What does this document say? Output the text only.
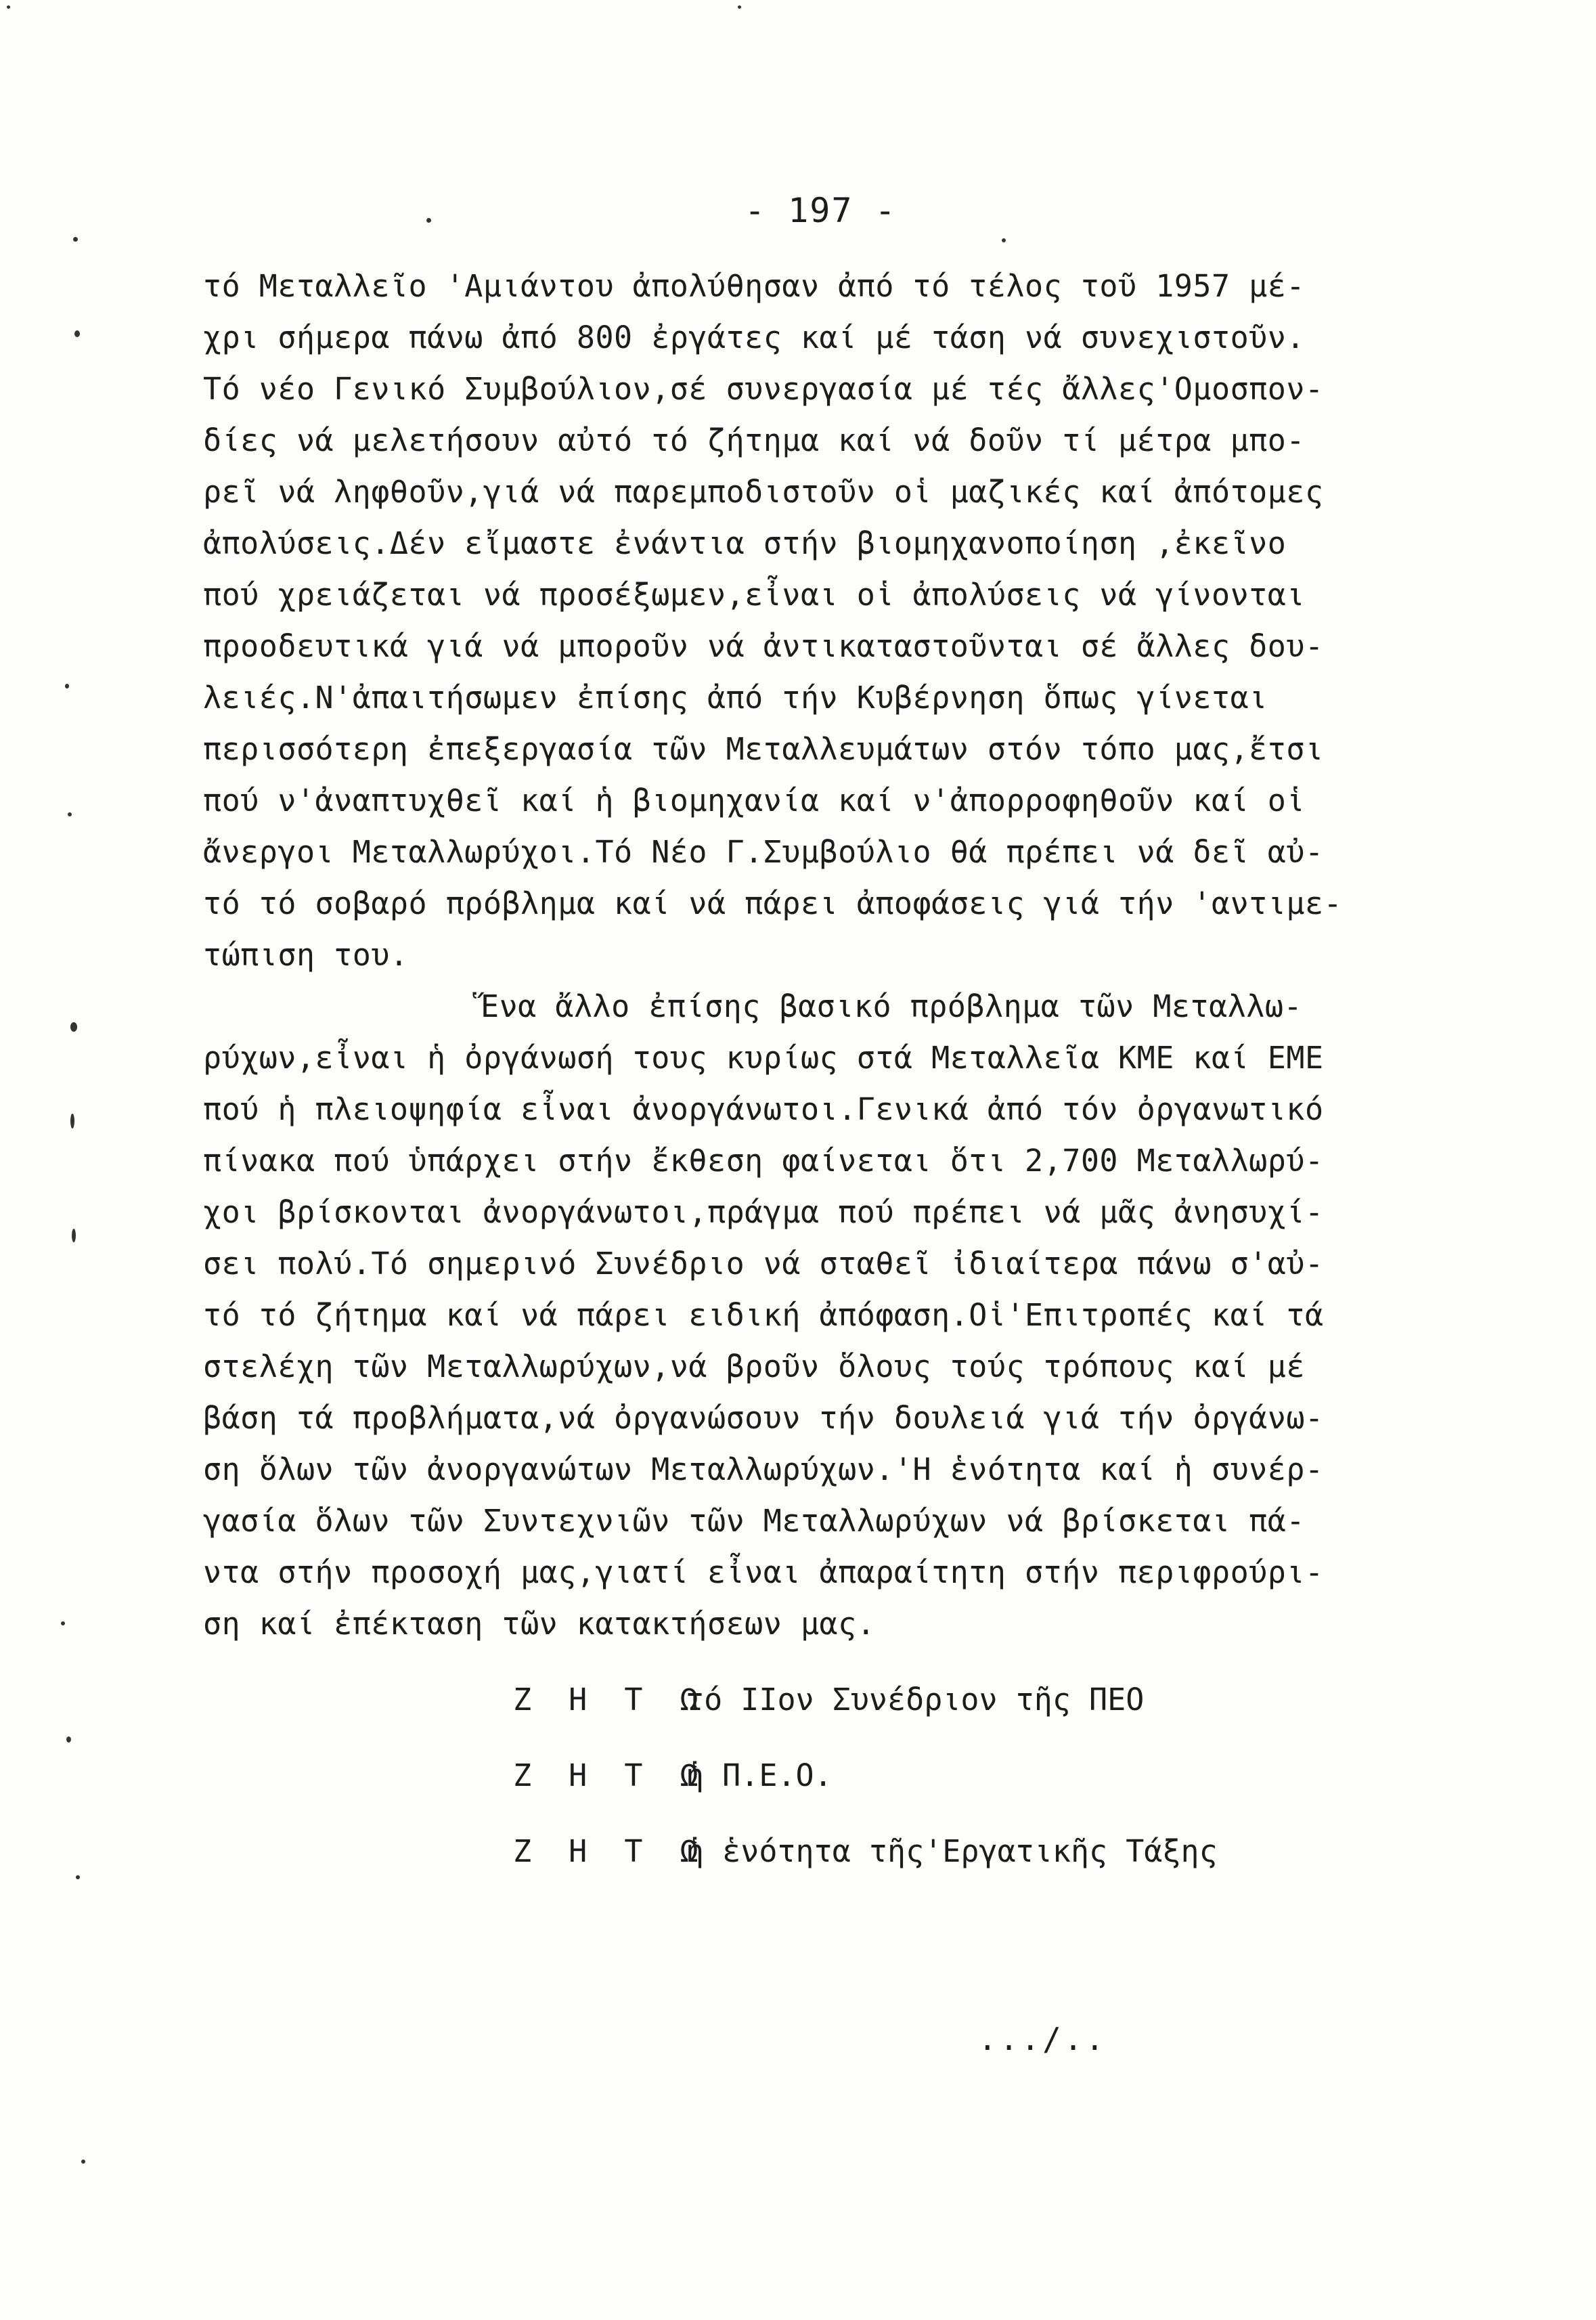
- 197 -
τό Μεταλλεῖο 'Αμιάντου ἀπολύθησαν ἀπό τό τέλος τοῦ 1957 μέ-
χρι σήμερα πάνω ἀπό 800 ἐργάτες καί μέ τάση νά συνεχιστοῦν.
Τό νέο Γενικό Συμβούλιον,σέ συνεργασία μέ τές ἄλλες'Ομοσπον-
δίες νά μελετήσουν αὐτό τό ζήτημα καί νά δοῦν τί μέτρα μπο-
ρεῖ νά ληφθοῦν,γιά νά παρεμποδιστοῦν οἱ μαζικές καί ἀπότομες
ἀπολύσεις.Δέν εἴμαστε ἐνάντια στήν βιομηχανοποίηση ,ἐκεῖνο
πού χρειάζεται νά προσέξωμεν,εἶναι οἱ ἀπολύσεις νά γίνονται
προοδευτικά γιά νά μποροῦν νά ἀντικαταστοῦνται σέ ἄλλες δου-
λειές.Ν'ἀπαιτήσωμεν ἐπίσης ἀπό τήν Κυβέρνηση ὅπως γίνεται
περισσότερη ἐπεξεργασία τῶν Μεταλλευμάτων στόν τόπο μας,ἔτσι
πού ν'ἀναπτυχθεῖ καί ἡ βιομηχανία καί ν'ἀπορροφηθοῦν καί οἱ
ἄνεργοι Μεταλλωρύχοι.Τό Νέο Γ.Συμβούλιο θά πρέπει νά δεῖ αὐ-
τό τό σοβαρό πρόβλημα καί νά πάρει ἀποφάσεις γιά τήν 'αντιμε-
τώπιση του.
Ἕνα ἄλλο ἐπίσης βασικό πρόβλημα τῶν Μεταλλω-
ρύχων,εἶναι ἡ ὀργάνωσή τους κυρίως στά Μεταλλεῖα ΚΜΕ καί ΕΜΕ
πού ἡ πλειοψηφία εἶναι ἀνοργάνωτοι.Γενικά ἀπό τόν ὀργανωτικό
πίνακα πού ὑπάρχει στήν ἔκθεση φαίνεται ὅτι 2,700 Μεταλλωρύ-
χοι βρίσκονται ἀνοργάνωτοι,πράγμα πού πρέπει νά μᾶς ἀνησυχί-
σει πολύ.Τό σημερινό Συνέδριο νά σταθεῖ ἰδιαίτερα πάνω σ'αὐ-
τό τό ζήτημα καί νά πάρει ειδική ἀπόφαση.Οἱ'Επιτροπές καί τά
στελέχη τῶν Μεταλλωρύχων,νά βροῦν ὅλους τούς τρόπους καί μέ
βάση τά προβλήματα,νά ὀργανώσουν τήν δουλειά γιά τήν ὀργάνω-
ση ὅλων τῶν ἀνοργανώτων Μεταλλωρύχων.'Η ἑνότητα καί ἡ συνέρ-
γασία ὅλων τῶν Συντεχνιῶν τῶν Μεταλλωρύχων νά βρίσκεται πά-
ντα στήν προσοχή μας,γιατί εἶναι ἀπαραίτητη στήν περιφρούρι-
ση καί ἐπέκταση τῶν κατακτήσεων μας.
Ζ Η Τ Ωτό ΙΙον Συνέδριον τῆς ΠΕΟ
Ζ Η Τ Ωἡ Π.Ε.Ο.
Ζ Η Τ Ωἡ ἑνότητα τῆς'Εργατικῆς Τάξης
.../..
